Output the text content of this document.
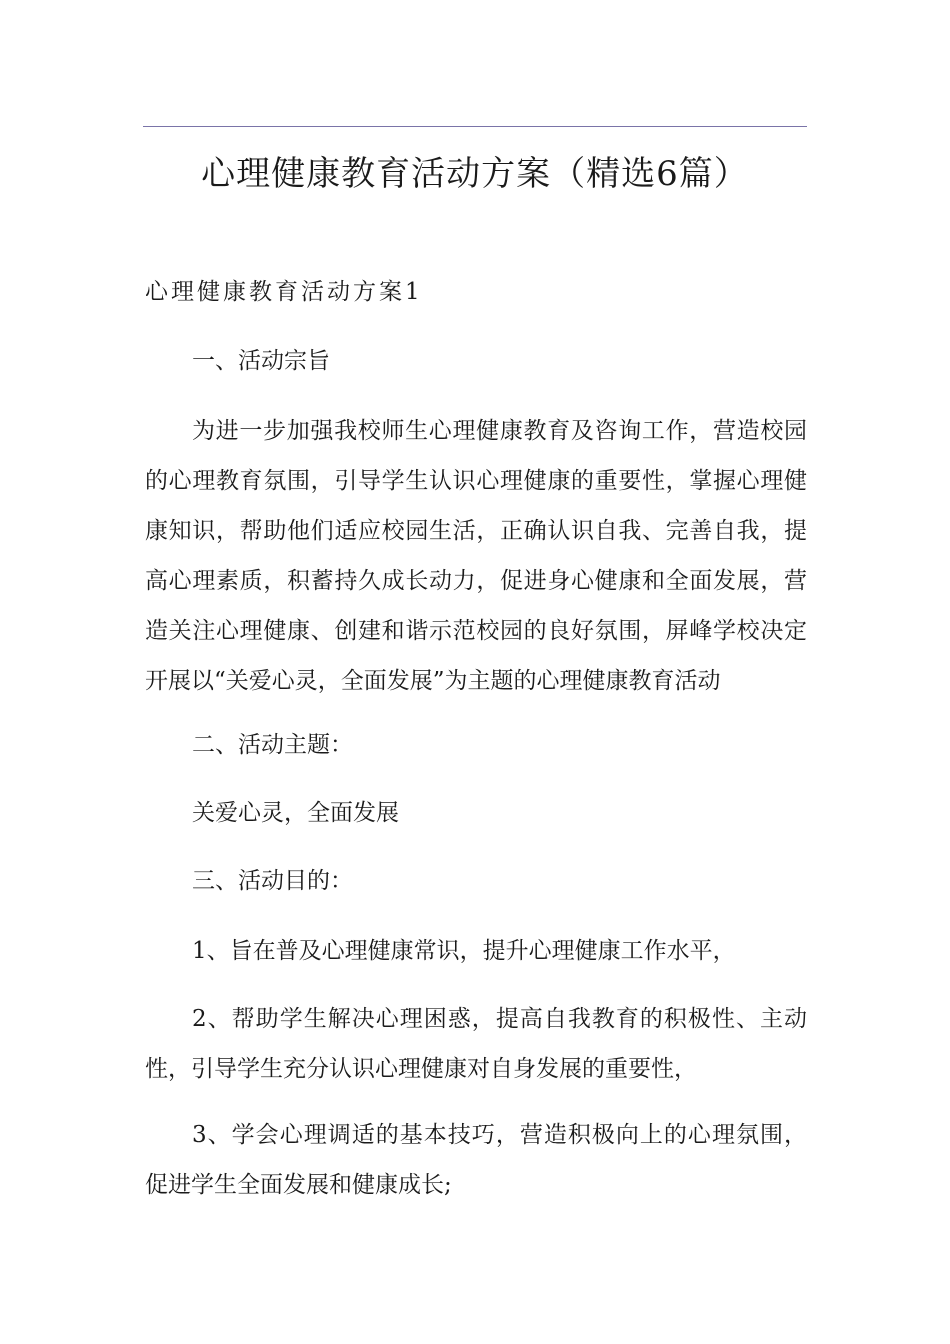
心理健康教育活动方案（精选6篇）
心理健康教育活动方案1
一、活动宗旨
为进一步加强我校师生心理健康教育及咨询工作，营造校园
的心理教育氛围，引导学生认识心理健康的重要性，掌握心理健
康知识，帮助他们适应校园生活，正确认识自我、完善自我，提
高心理素质，积蓄持久成长动力，促进身心健康和全面发展，营
造关注心理健康、创建和谐示范校园的良好氛围，屏峰学校决定
开展以“关爱心灵，全面发展”为主题的心理健康教育活动
二、活动主题：
关爱心灵，全面发展
三、活动目的：
1、旨在普及心理健康常识，提升心理健康工作水平，
2、帮助学生解决心理困惑，提高自我教育的积极性、主动
性，引导学生充分认识心理健康对自身发展的重要性，
3、学会心理调适的基本技巧，营造积极向上的心理氛围，
促进学生全面发展和健康成长;
